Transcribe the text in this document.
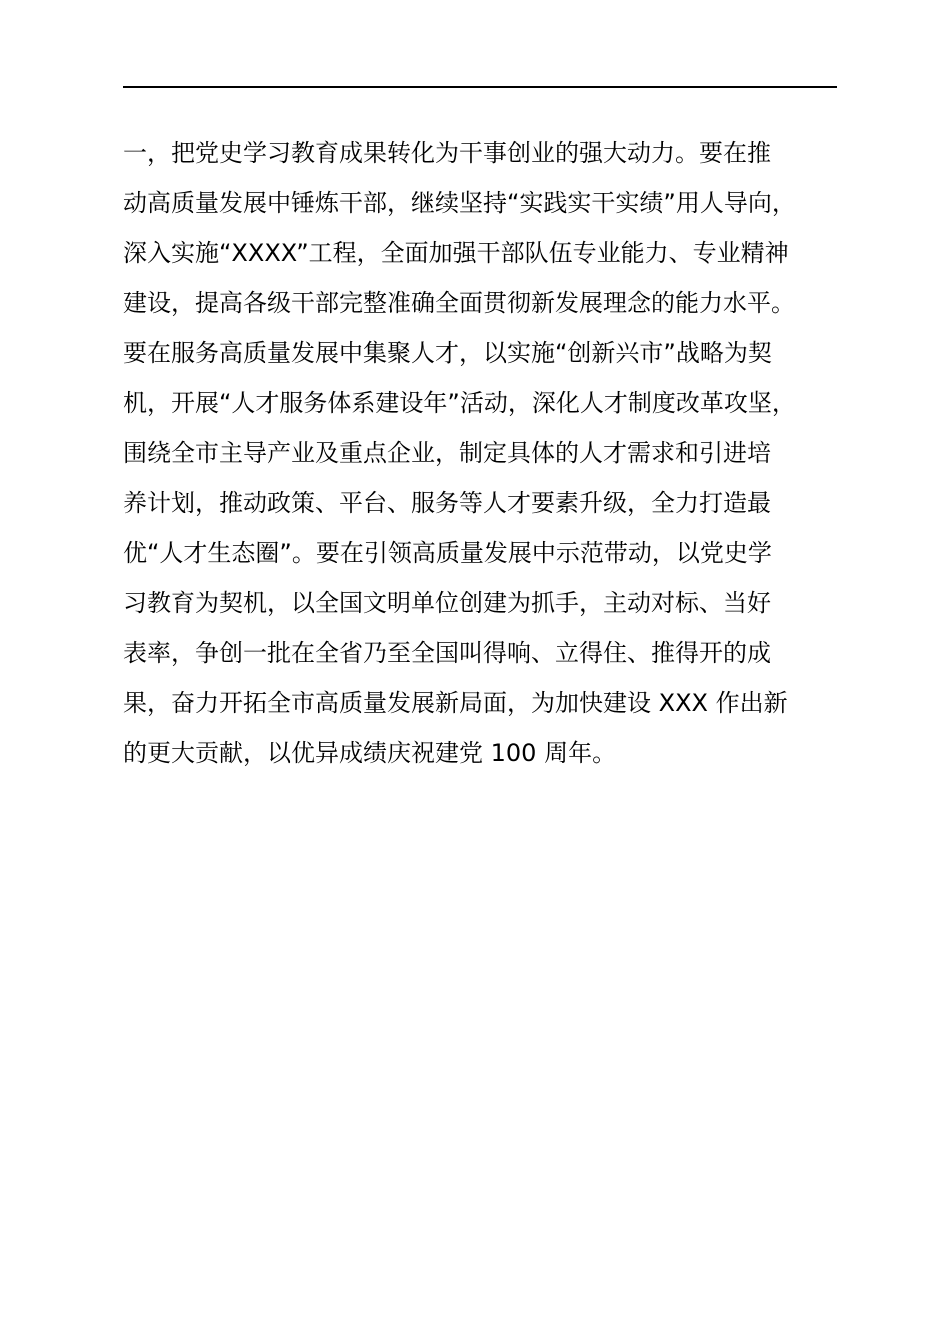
一，把党史学习教育成果转化为干事创业的强大动力。要在推
动高质量发展中锤炼干部，继续坚持“实践实干实绩”用人导向，
深入实施“XXXX”工程，全面加强干部队伍专业能力、专业精神
建设，提高各级干部完整准确全面贯彻新发展理念的能力水平。
要在服务高质量发展中集聚人才，以实施“创新兴市”战略为契
机，开展“人才服务体系建设年”活动，深化人才制度改革攻坚，
围绕全市主导产业及重点企业，制定具体的人才需求和引进培
养计划，推动政策、平台、服务等人才要素升级，全力打造最
优“人才生态圈”。要在引领高质量发展中示范带动，以党史学
习教育为契机，以全国文明单位创建为抓手，主动对标、当好
表率，争创一批在全省乃至全国叫得响、立得住、推得开的成
果，奋力开拓全市高质量发展新局面，为加快建设 XXX 作出新
的更大贡献，以优异成绩庆祝建党 100 周年。
